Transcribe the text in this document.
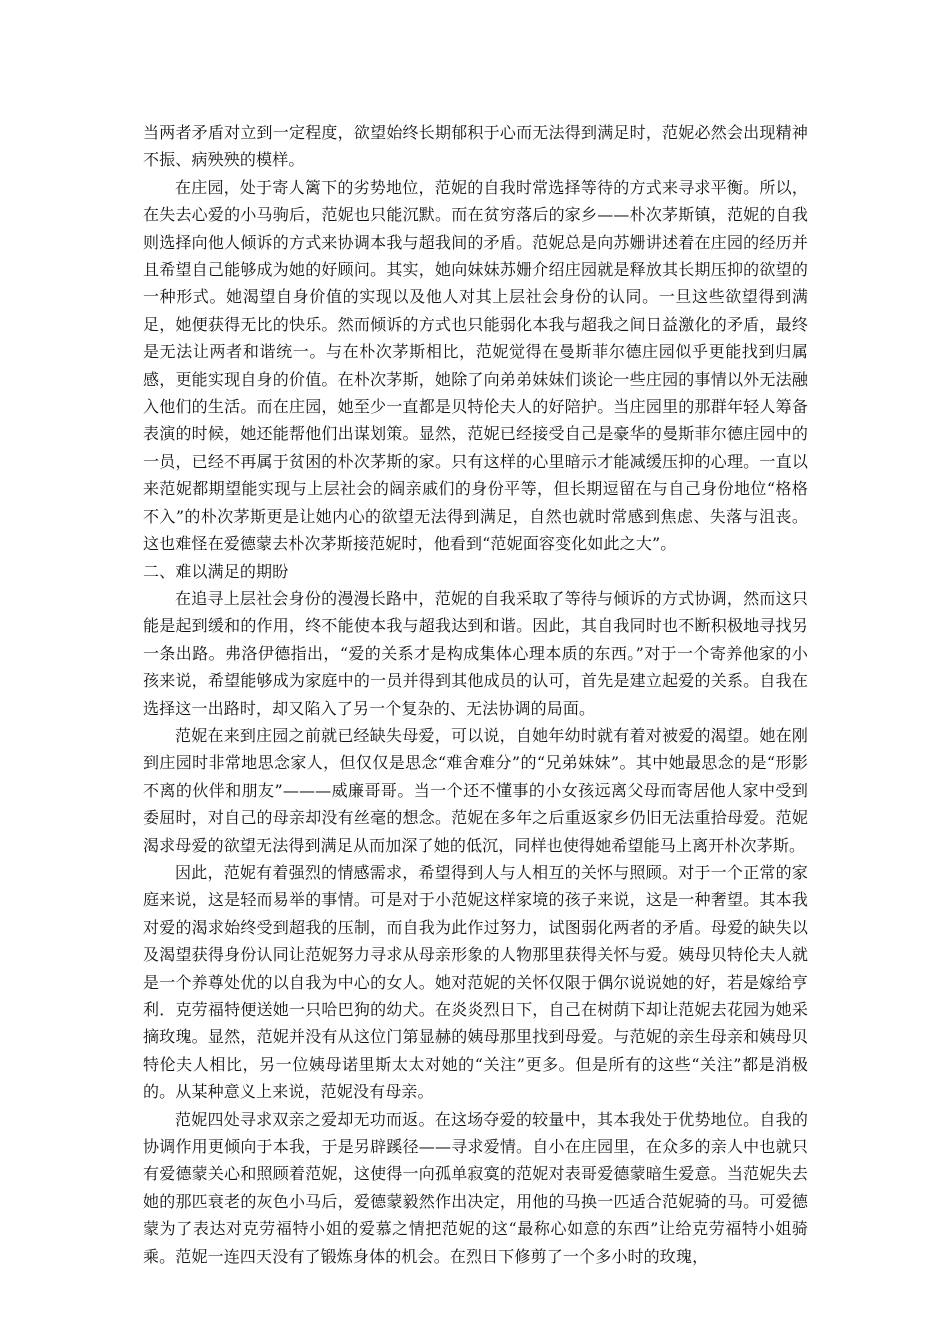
当两者矛盾对立到一定程度，欲望始终长期郁积于心而无法得到满足时，范妮必然会出现精神不振、病殃殃的模样。

在庄园，处于寄人篱下的劣势地位，范妮的自我时常选择等待的方式来寻求平衡。所以，在失去心爱的小马驹后，范妮也只能沉默。而在贫穷落后的家乡——朴次茅斯镇，范妮的自我则选择向他人倾诉的方式来协调本我与超我间的矛盾。范妮总是向苏姗讲述着在庄园的经历并且希望自己能够成为她的好顾问。其实，她向妹妹苏姗介绍庄园就是释放其长期压抑的欲望的一种形式。她渴望自身价值的实现以及他人对其上层社会身份的认同。一旦这些欲望得到满足，她便获得无比的快乐。然而倾诉的方式也只能弱化本我与超我之间日益激化的矛盾，最终是无法让两者和谐统一。与在朴次茅斯相比，范妮觉得在曼斯菲尔德庄园似乎更能找到归属感，更能实现自身的价值。在朴次茅斯，她除了向弟弟妹妹们谈论一些庄园的事情以外无法融入他们的生活。而在庄园，她至少一直都是贝特伦夫人的好陪护。当庄园里的那群年轻人筹备表演的时候，她还能帮他们出谋划策。显然，范妮已经接受自己是豪华的曼斯菲尔德庄园中的一员，已经不再属于贫困的朴次茅斯的家。只有这样的心里暗示才能减缓压抑的心理。一直以来范妮都期望能实现与上层社会的阔亲戚们的身份平等，但长期逗留在与自己身份地位“格格不入”的朴次茅斯更是让她内心的欲望无法得到满足，自然也就时常感到焦虑、失落与沮丧。这也难怪在爱德蒙去朴次茅斯接范妮时，他看到“范妮面容变化如此之大”。

二、难以满足的期盼

在追寻上层社会身份的漫漫长路中，范妮的自我采取了等待与倾诉的方式协调，然而这只能是起到缓和的作用，终不能使本我与超我达到和谐。因此，其自我同时也不断积极地寻找另一条出路。弗洛伊德指出，“爱的关系才是构成集体心理本质的东西。”对于一个寄养他家的小孩来说，希望能够成为家庭中的一员并得到其他成员的认可，首先是建立起爱的关系。自我在选择这一出路时，却又陷入了另一个复杂的、无法协调的局面。

范妮在来到庄园之前就已经缺失母爱，可以说，自她年幼时就有着对被爱的渴望。她在刚到庄园时非常地思念家人，但仅仅是思念“难舍难分”的“兄弟妹妹”。其中她最思念的是“形影不离的伙伴和朋友”———威廉哥哥。当一个还不懂事的小女孩远离父母而寄居他人家中受到委屈时，对自己的母亲却没有丝毫的想念。范妮在多年之后重返家乡仍旧无法重拾母爱。范妮渴求母爱的欲望无法得到满足从而加深了她的低沉，同样也使得她希望能马上离开朴次茅斯。

因此，范妮有着强烈的情感需求，希望得到人与人相互的关怀与照顾。对于一个正常的家庭来说，这是轻而易举的事情。可是对于小范妮这样家境的孩子来说，这是一种奢望。其本我对爱的渴求始终受到超我的压制，而自我为此作过努力，试图弱化两者的矛盾。母爱的缺失以及渴望获得身份认同让范妮努力寻求从母亲形象的人物那里获得关怀与爱。姨母贝特伦夫人就是一个养尊处优的以自我为中心的女人。她对范妮的关怀仅限于偶尔说说她的好，若是嫁给亨利．克劳福特便送她一只哈巴狗的幼犬。在炎炎烈日下，自己在树荫下却让范妮去花园为她采摘玫瑰。显然，范妮并没有从这位门第显赫的姨母那里找到母爱。与范妮的亲生母亲和姨母贝特伦夫人相比，另一位姨母诺里斯太太对她的“关注”更多。但是所有的这些“关注”都是消极的。从某种意义上来说，范妮没有母亲。

范妮四处寻求双亲之爱却无功而返。在这场夺爱的较量中，其本我处于优势地位。自我的协调作用更倾向于本我，于是另辟蹊径——寻求爱情。自小在庄园里，在众多的亲人中也就只有爱德蒙关心和照顾着范妮，这使得一向孤单寂寞的范妮对表哥爱德蒙暗生爱意。当范妮失去她的那匹衰老的灰色小马后，爱德蒙毅然作出决定，用他的马换一匹适合范妮骑的马。可爱德蒙为了表达对克劳福特小姐的爱慕之情把范妮的这“最称心如意的东西”让给克劳福特小姐骑乘。范妮一连四天没有了锻炼身体的机会。在烈日下修剪了一个多小时的玫瑰，
